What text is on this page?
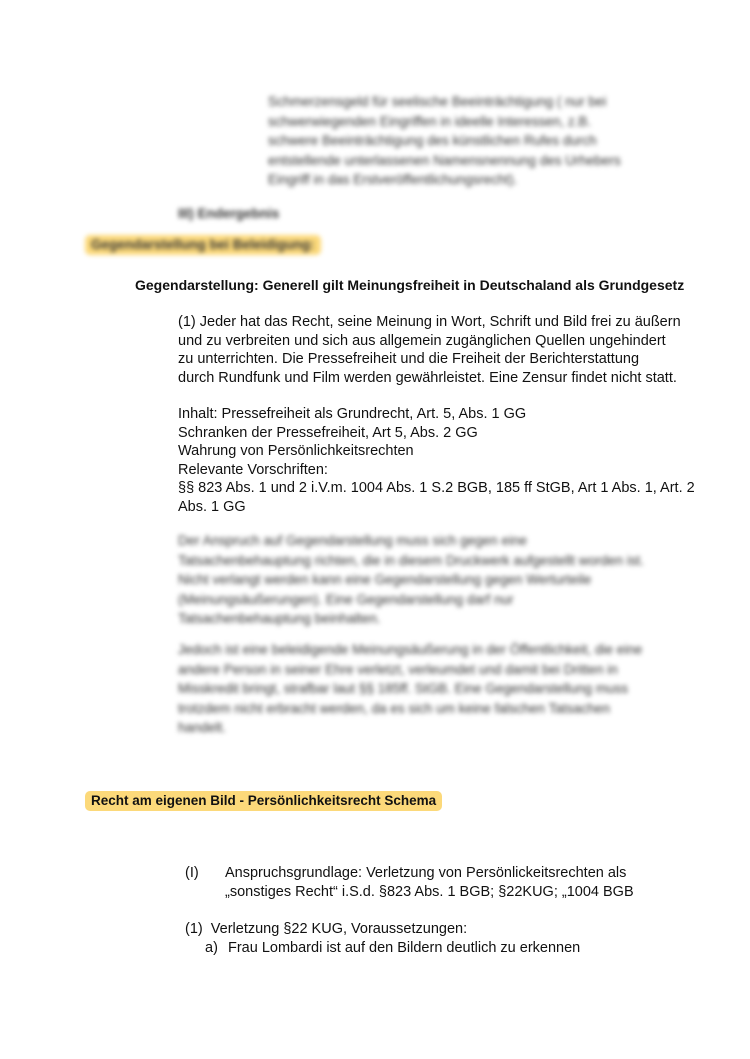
Schmerzensgeld für seelische Beeinträchtigung ( nur bei schwerwiegenden Eingriffen in ideelle Interessen, z.B. schwere Beeinträchtigung des künstlichen Rufes durch entstellende unterlassenen Namensnennung des Urhebers Eingriff in das Erstveröffentlichungsrecht).
III) Endergebnis
Gegendarstellung bei Beleidigung:
Gegendarstellung: Generell gilt Meinungsfreiheit in Deutschaland als Grundgesetz
(1) Jeder hat das Recht, seine Meinung in Wort, Schrift und Bild frei zu äußern
und zu verbreiten und sich aus allgemein zugänglichen Quellen ungehindert
zu unterrichten. Die Pressefreiheit und die Freiheit der Berichterstattung
durch Rundfunk und Film werden gewährleistet. Eine Zensur findet nicht statt.
Inhalt: Pressefreiheit als Grundrecht, Art. 5, Abs. 1 GG
Schranken der Pressefreiheit, Art 5, Abs. 2 GG
Wahrung von Persönlichkeitsrechten
Relevante Vorschriften:
§§ 823 Abs. 1 und 2 i.V.m. 1004 Abs. 1 S.2 BGB, 185 ff StGB, Art 1 Abs. 1, Art. 2
Abs. 1 GG
Der Anspruch auf Gegendarstellung muss sich gegen eine Tatsachenbehauptung richten, die in diesem Druckwerk aufgestellt worden ist. Nicht verlangt werden kann eine Gegendarstellung gegen Werturteile (Meinungsäußerungen). Eine Gegendarstellung darf nur Tatsachenbehauptung beinhalten.
Jedoch ist eine beleidigende Meinungsäußerung in der Öffentlichkeit, die eine andere Person in seiner Ehre verletzt, verleumdet und damit bei Dritten in Misskredit bringt, strafbar laut §§ 185ff. StGB. Eine Gegendarstellung muss trotzdem nicht erbracht werden, da es sich um keine falschen Tatsachen handelt.
Recht am eigenen Bild - Persönlichkeitsrecht Schema
(I)	Anspruchsgrundlage: Verletzung von Persönlickeitsrechten als
„sonstiges Recht“ i.S.d. §823 Abs. 1 BGB; §22KUG; „1004 BGB
(1)  Verletzung §22 KUG, Voraussetzungen:
a) Frau Lombardi ist auf den Bildern deutlich zu erkennen
